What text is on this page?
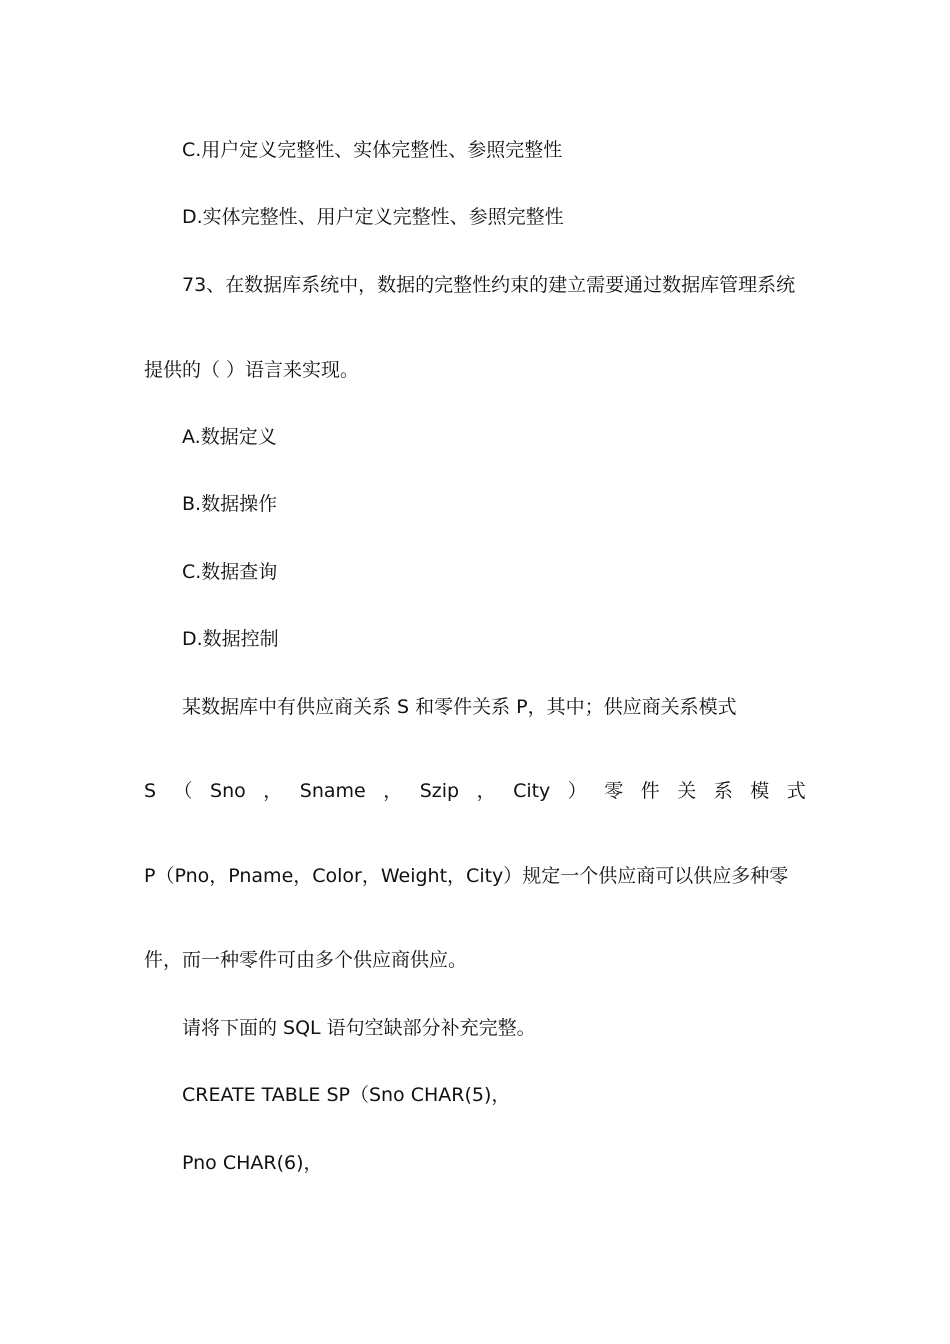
C.用户定义完整性、实体完整性、参照完整性
D.实体完整性、用户定义完整性、参照完整性
73、在数据库系统中，数据的完整性约束的建立需要通过数据库管理系统
提供的（ ）语言来实现。
A.数据定义
B.数据操作
C.数据查询
D.数据控制
某数据库中有供应商关系 S 和零件关系 P，其中；供应商关系模式
S （ Sno ， Sname ， Szip ， City ） 零 件 关 系 模 式
P（Pno，Pname，Color，Weight，City）规定一个供应商可以供应多种零
件，而一种零件可由多个供应商供应。
请将下面的 SQL 语句空缺部分补充完整。
CREATE TABLE SP（Sno CHAR(5)，
Pno CHAR(6)，
